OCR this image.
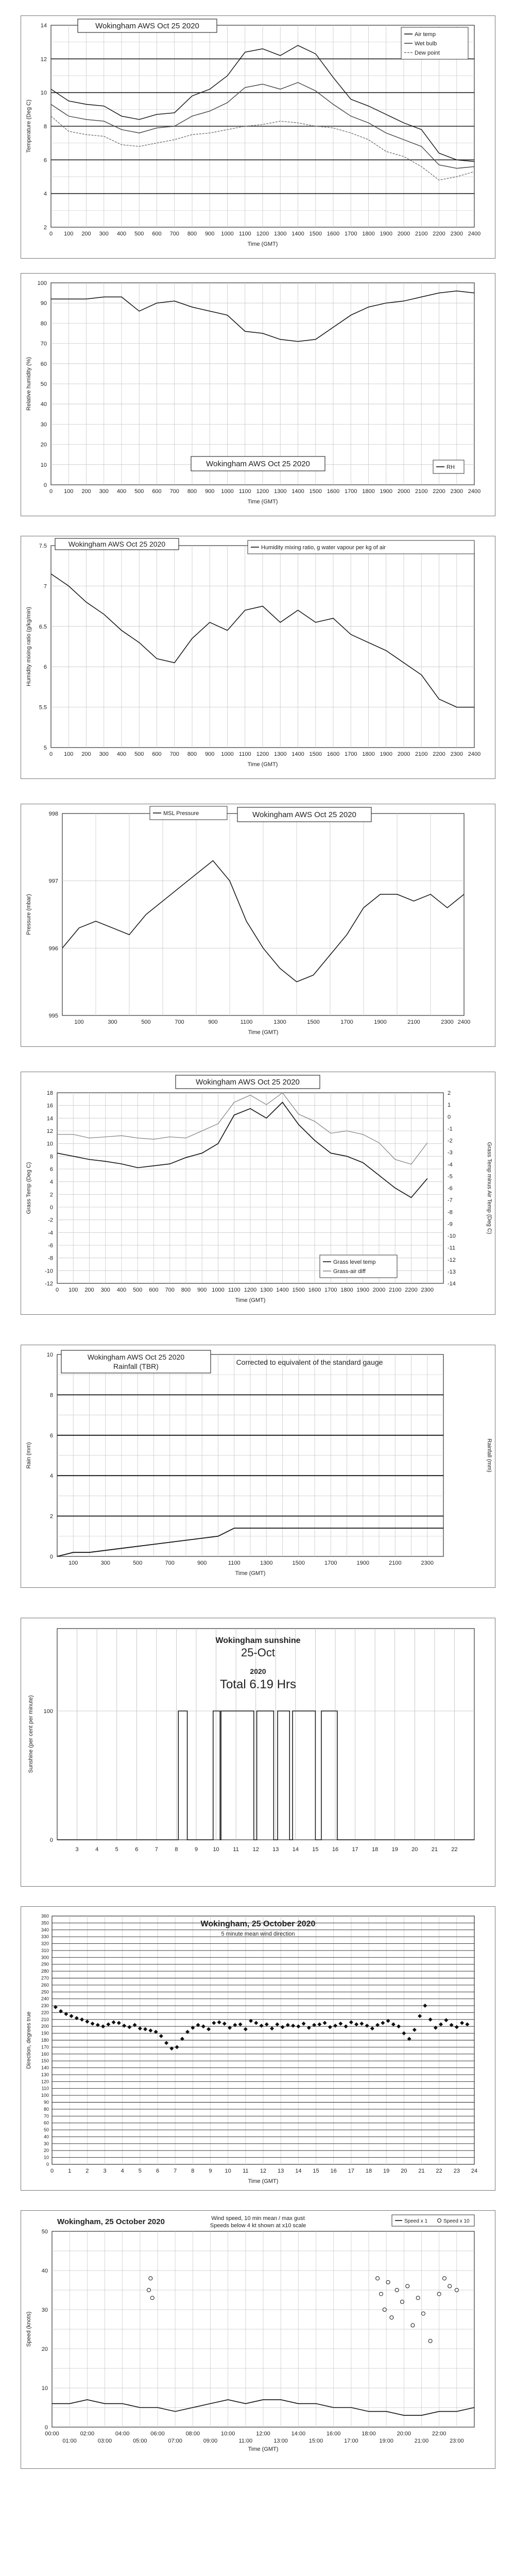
0 100 200 300 400 500 600 700 800 900 1000 1100 1200 1300 1400 1500 1600 1700 1800 1900 2000 2100 2200 2300 2400
2
4
6
8
10
12
14
Time (GMT)
Temperature (Deg C)
Wokingham AWS Oct 25 2020
Air temp
Wet bulb
Dew point
0 100 200 300 400 500 600 700 800 900 1000 1100 1200 1300 1400 1500 1600 1700 1800 1900 2000 2100 2200 2300 2400
0
10
20
30
40
50
60
70
80
90
100
Time (GMT)
Relative humidity (%)
Wokingham AWS Oct 25 2020	RH
0 100 200 300 400 500 600 700 800 900 1000 1100 1200 1300 1400 1500 1600 1700 1800 1900 2000 2100 2200 2300 2400
5
5.5
6
6.5
7
7.5
Time (GMT)
Humidity mixing ratio (g/kg/min)
Wokingham AWS Oct 25 2020	Humidity mixing ratio, g water vapour per kg of air
100	300	500	700	900	1100	1300	1500	1700	1900	2100	2300 2400
995
996
997
998
Time (GMT)
Pressure (mbar)
MSL Pressure	Wokingham AWS Oct 25 2020
0 100 200 300 400 500 600 700 800 900 1000 1100 1200 1300 1400 1500 1600 1700 1800 1900 2000 2100 2200 2300
-12
-10
-8
-6
-4
-2
0
2
4
6
8
10
12
14
16
18
-14
-13
-12
-11
-10
-9
-8
-7
-6
-5
-4
-3
-2
-1
0
1
2
Time (GMT)
Grass Temp (Deg C)	Grass Temp minus Air Temp (Deg C)
Wokingham AWS Oct 25 2020
Grass level temp
Grass-air diff
100	300	500	700	900	1100	1300	1500	1700	1900	2100	2300
0
2
4
6
8
10
Time (GMT)
Rain (mm)	Rainfall (mm)
Wokingham AWS Oct 25 2020
Rainfall (TBR)	Corrected to equivalent of the standard gauge
3	4	5	6	7	8	9	10 11 12 13 14 15 16 17 18 19 20 21 22
0
100
Sunshine (per cent per minute)
Wokingham sunshine
25-Oct
2020
Total 6.19 Hrs
0	1	2	3	4	5	6	7	8	9 10 11 12 13 14 15 16 17 18 19 20 21 22 23 24
0
10
20
30
40
50
60
70
80
90
100
110
120
130
140
150
160
170
180
190
200
210
220
230
240
250
260
270
280
290
300
310
320
330
340
350
360
Time (GMT)
Direction, degrees true
Wokingham, 25 October 2020
5 minute mean wind direction
00:00	02:00	04:00	06:00	08:00	10:00	12:00	14:00	16:00	18:00	20:00	22:00
01:00	03:00	05:00	07:00	09:00	11:00	13:00	15:00	17:00	19:00	21:00	23:00
0
10
20
30
40
50
Time (GMT)
Speed (knots)
Wokingham, 25 October 2020	Wind speed, 10 min mean / max gust
Speeds below 4 kt shown at x10 scale
Speed x 1	Speed x 10
